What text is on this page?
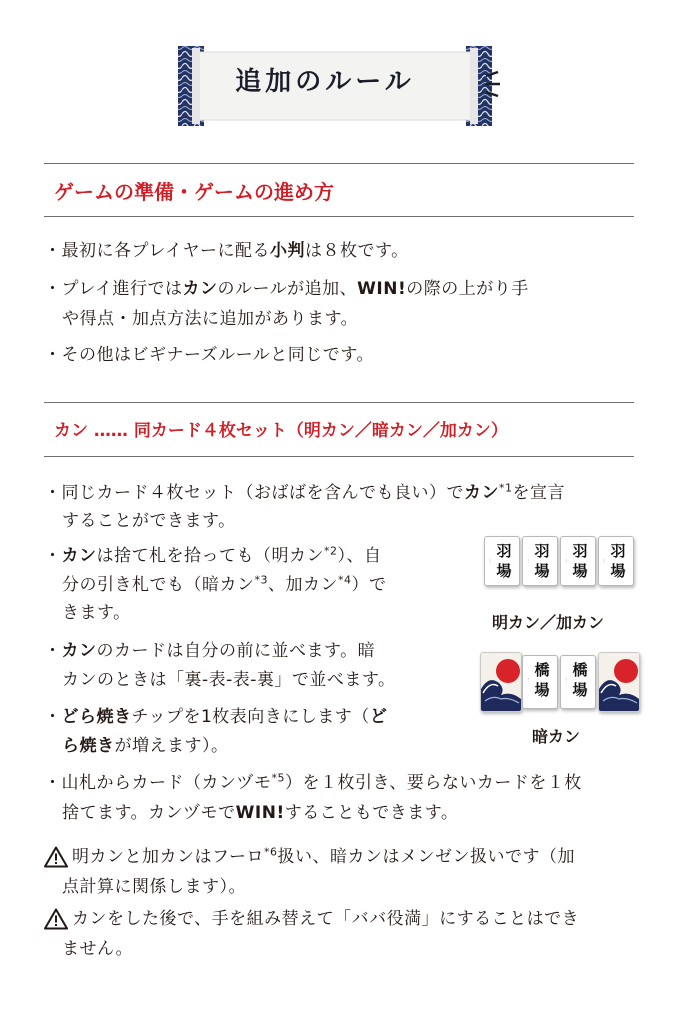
追加のルール
ゲームの準備・ゲームの進め方
・最初に各プレイヤーに配る小判は８枚です。
・プレイ進行ではカンのルールが追加、WIN!の際の上がり手
や得点・加点方法に追加があります。
・その他はビギナーズルールと同じです。
カン …… 同カード４枚セット（明カン／暗カン／加カン）
・同じカード４枚セット（おばばを含んでも良い）でカン$^{*1}$を宣言
することができます。
・カンは捨て札を拾っても（明カン$^{*2}$）、自
分の引き札でも（暗カン$^{*3}$、加カン$^{*4}$）で
きます。
・カンのカードは自分の前に並べます。暗
カンのときは「裏-表-表-裏」で並べます。
・どら焼きチップを1枚表向きにします（ど
ら焼きが増えます）。
・山札からカード（カンヅモ$^{*5}$）を１枚引き、要らないカードを１枚
捨てます。カンヅモでWIN!することもできます。
⋮
羽場
⋮
羽場
⋮
羽場
⋮
羽場
明カン／加カン
⋮
橋場
⋮
橋場
暗カン
明カンと加カンはフーロ$^{*6}$扱い、暗カンはメンゼン扱いです（加
点計算に関係します）。
カンをした後で、手を組み替えて「ババ役満」にすることはでき
ません。
